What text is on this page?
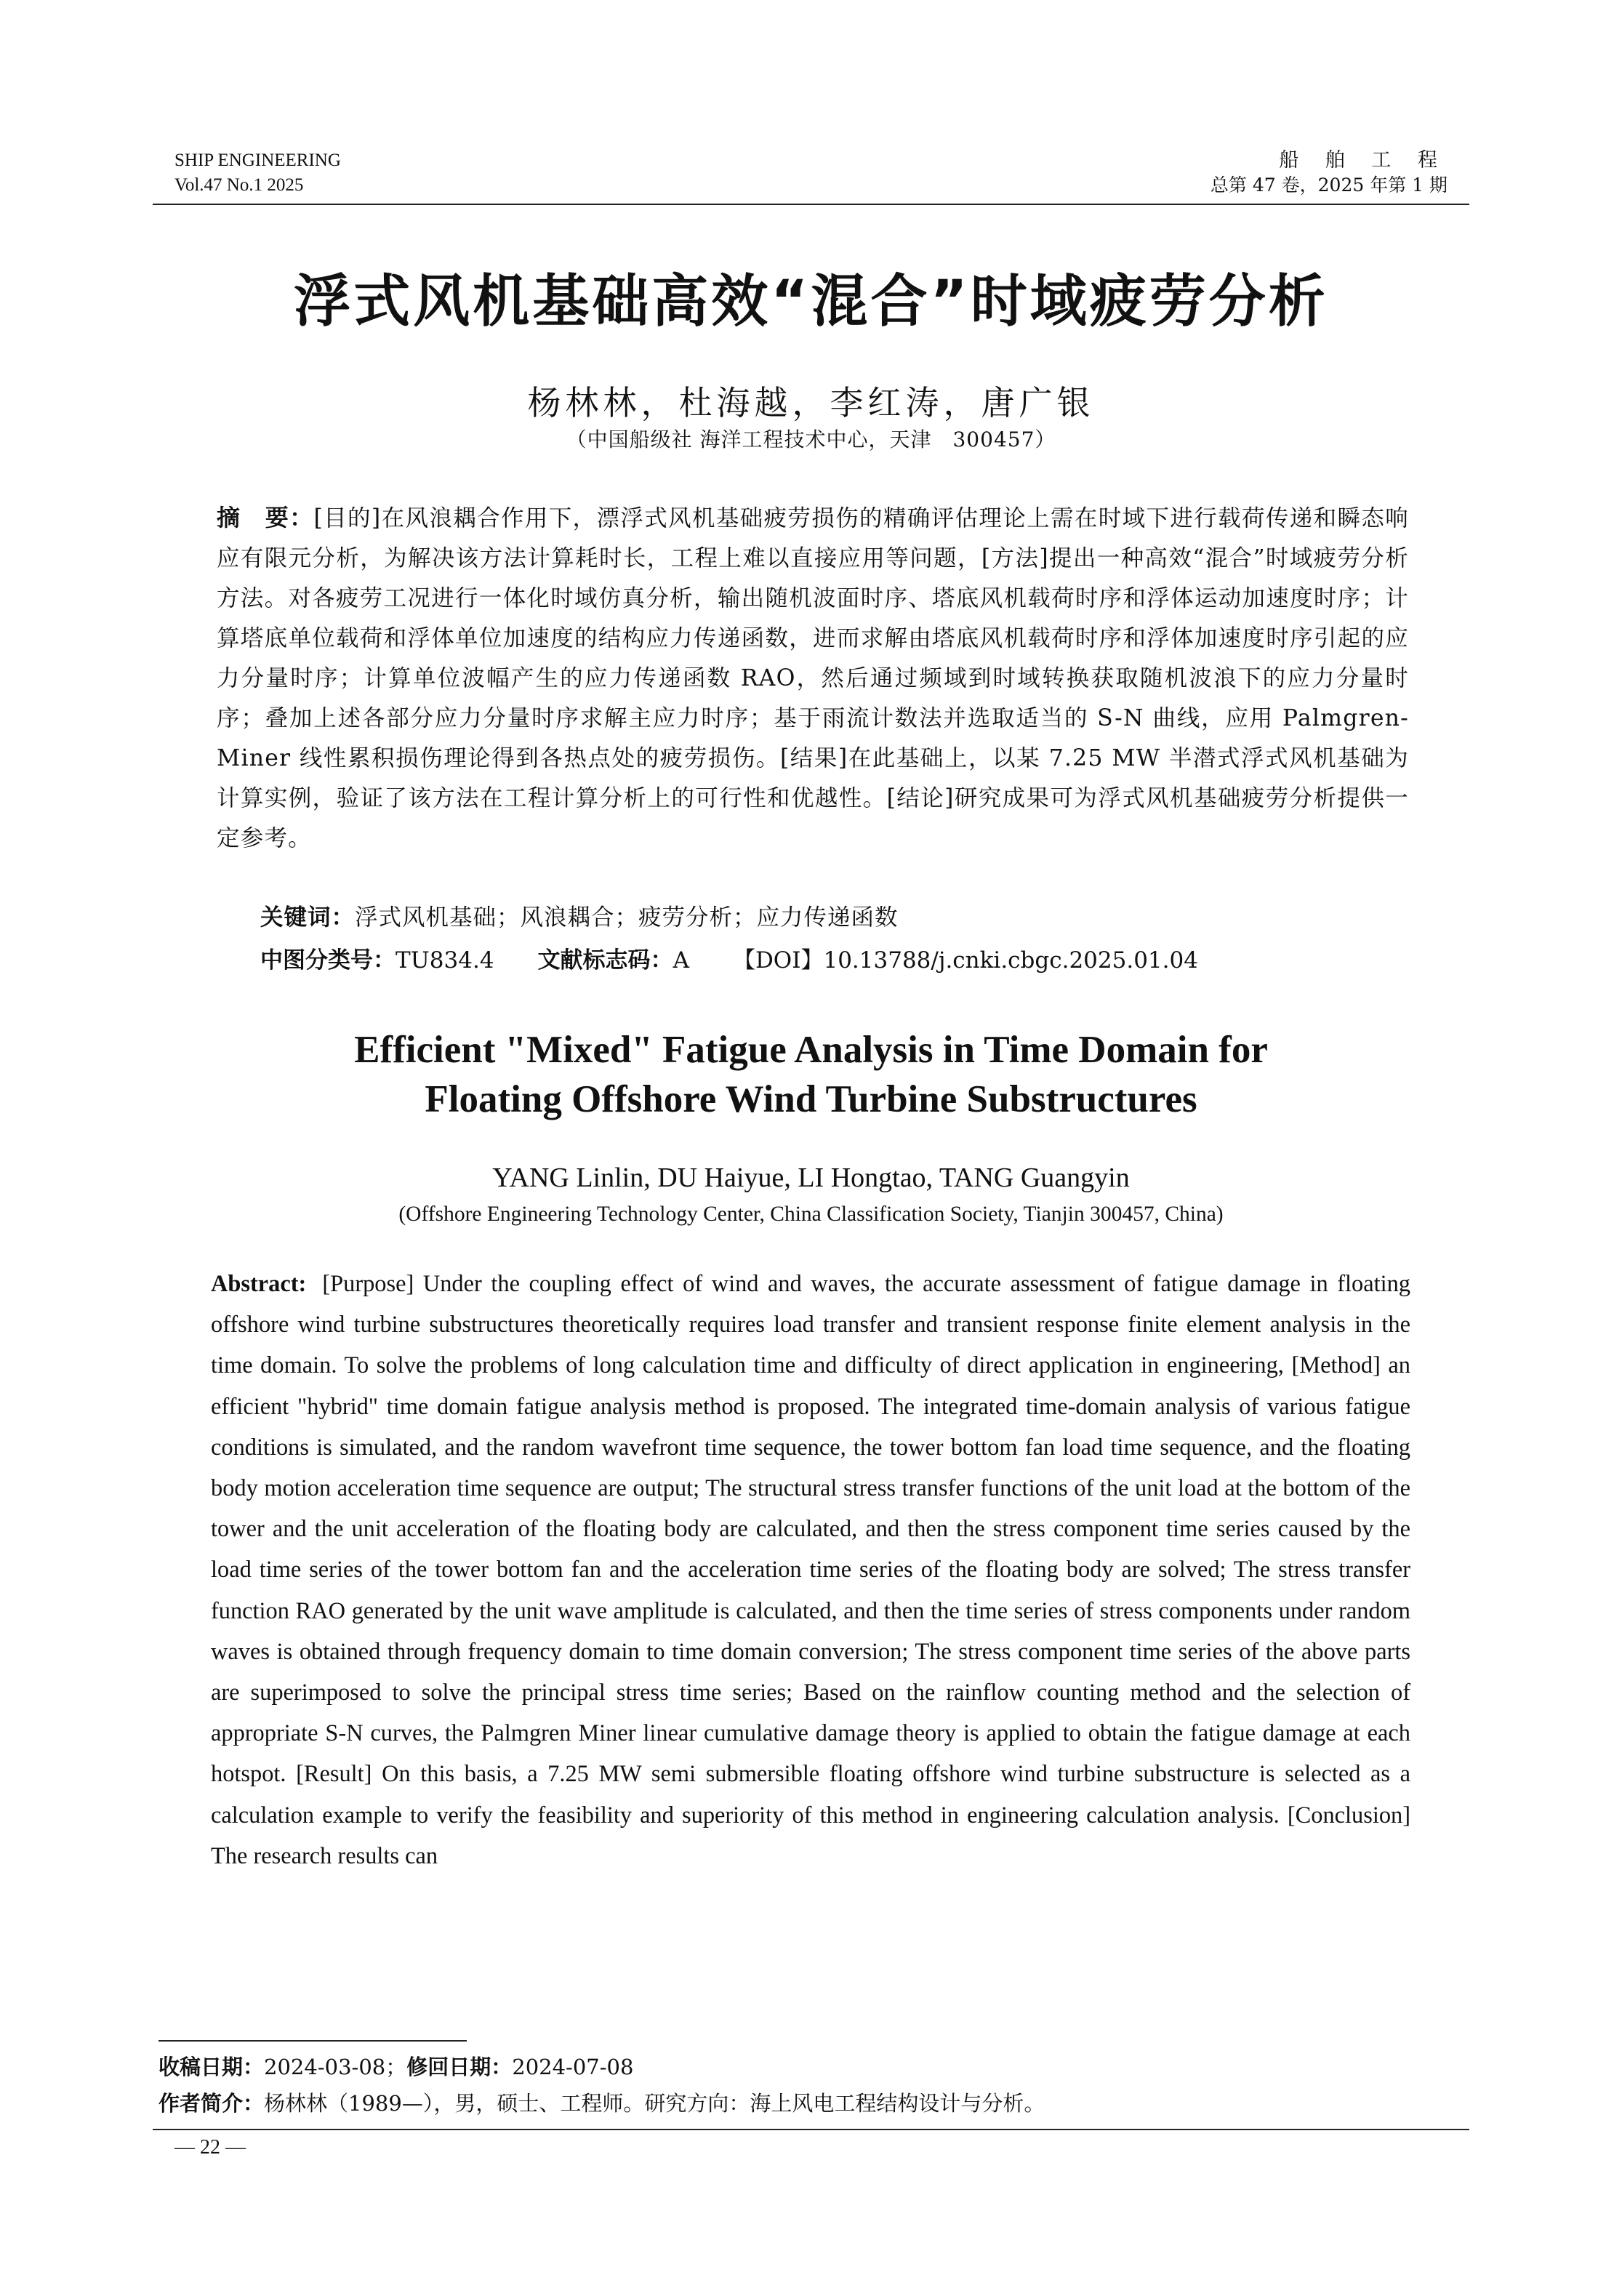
SHIP ENGINEERING
Vol.47 No.1 2025
船 舶 工 程
总第 47 卷，2025 年第 1 期
浮式风机基础高效“混合”时域疲劳分析
杨林林，杜海越，李红涛，唐广银
（中国船级社 海洋工程技术中心，天津　300457）
摘　要：[目的]在风浪耦合作用下，漂浮式风机基础疲劳损伤的精确评估理论上需在时域下进行载荷传递和瞬态响应有限元分析，为解决该方法计算耗时长，工程上难以直接应用等问题，[方法]提出一种高效“混合”时域疲劳分析方法。对各疲劳工况进行一体化时域仿真分析，输出随机波面时序、塔底风机载荷时序和浮体运动加速度时序；计算塔底单位载荷和浮体单位加速度的结构应力传递函数，进而求解由塔底风机载荷时序和浮体加速度时序引起的应力分量时序；计算单位波幅产生的应力传递函数 RAO，然后通过频域到时域转换获取随机波浪下的应力分量时序；叠加上述各部分应力分量时序求解主应力时序；基于雨流计数法并选取适当的 S-N 曲线，应用 Palmgren-Miner 线性累积损伤理论得到各热点处的疲劳损伤。[结果]在此基础上，以某 7.25 MW 半潜式浮式风机基础为计算实例，验证了该方法在工程计算分析上的可行性和优越性。[结论]研究成果可为浮式风机基础疲劳分析提供一定参考。
关键词：浮式风机基础；风浪耦合；疲劳分析；应力传递函数
中图分类号：TU834.4 文献标志码：A 【DOI】10.13788/j.cnki.cbgc.2025.01.04
Efficient "Mixed" Fatigue Analysis in Time Domain for
Floating Offshore Wind Turbine Substructures
YANG Linlin, DU Haiyue, LI Hongtao, TANG Guangyin
(Offshore Engineering Technology Center, China Classification Society, Tianjin 300457, China)
Abstract: [Purpose] Under the coupling effect of wind and waves, the accurate assessment of fatigue damage in floating offshore wind turbine substructures theoretically requires load transfer and transient response finite element analysis in the time domain. To solve the problems of long calculation time and difficulty of direct application in engineering, [Method] an efficient "hybrid" time domain fatigue analysis method is proposed. The integrated time-domain analysis of various fatigue conditions is simulated, and the random wavefront time sequence, the tower bottom fan load time sequence, and the floating body motion acceleration time sequence are output; The structural stress transfer functions of the unit load at the bottom of the tower and the unit acceleration of the floating body are calculated, and then the stress component time series caused by the load time series of the tower bottom fan and the acceleration time series of the floating body are solved; The stress transfer function RAO generated by the unit wave amplitude is calculated, and then the time series of stress components under random waves is obtained through frequency domain to time domain conversion; The stress component time series of the above parts are superimposed to solve the principal stress time series; Based on the rainflow counting method and the selection of appropriate S-N curves, the Palmgren Miner linear cumulative damage theory is applied to obtain the fatigue damage at each hotspot. [Result] On this basis, a 7.25 MW semi submersible floating offshore wind turbine substructure is selected as a calculation example to verify the feasibility and superiority of this method in engineering calculation analysis. [Conclusion] The research results can
收稿日期：2024-03-08；修回日期：2024-07-08
作者简介：杨林林（1989—），男，硕士、工程师。研究方向：海上风电工程结构设计与分析。
— 22 —
